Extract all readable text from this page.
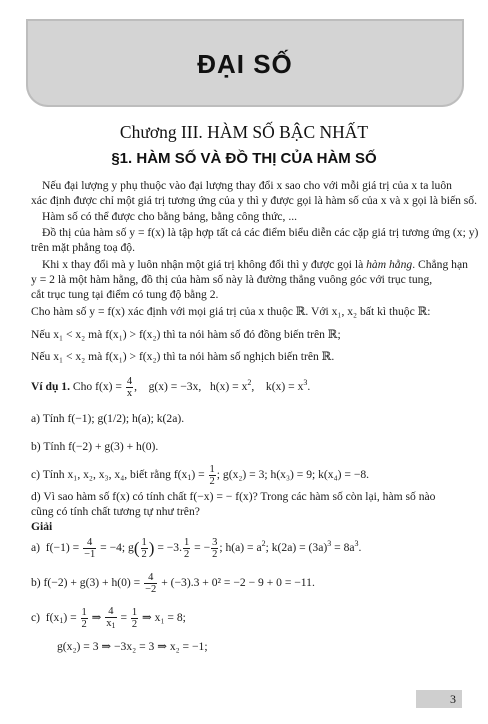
ĐẠI SỐ
Chương III. HÀM SỐ BẬC NHẤT
§1. HÀM SỐ VÀ ĐỒ THỊ CỦA HÀM SỐ
Nếu đại lượng y phụ thuộc vào đại lượng thay đổi x sao cho với mỗi giá trị của x ta luôn
xác định được chỉ một giá trị tương ứng của y thì y được gọi là hàm số của x và x gọi là biến số.
Hàm số có thể được cho bằng bảng, bằng công thức, ...
Đồ thị của hàm số y = f(x) là tập hợp tất cả các điểm biểu diễn các cặp giá trị tương ứng (x; y)
trên mặt phẳng toạ độ.
Khi x thay đổi mà y luôn nhận một giá trị không đổi thì y được gọi là hàm hằng. Chẳng hạn
y = 2 là một hàm hằng, đồ thị của hàm số này là đường thẳng vuông góc với trục tung,
cắt trục tung tại điểm có tung độ bằng 2.
Cho hàm số y = f(x) xác định với mọi giá trị của x thuộc ℝ. Với x₁, x₂ bất kì thuộc ℝ:
Nếu x₁ < x₂ mà f(x₁) > f(x₂) thì ta nói hàm số đó đồng biến trên ℝ;
Nếu x₁ < x₂ mà f(x₁) > f(x₂) thì ta nói hàm số nghịch biến trên ℝ.
Ví dụ 1. Cho $f(x) = \frac{4}{x}$ ,    g(x) = −3x,   $h(x) = x^2$,    $k(x) = x^3$.
a) Tính f(−1); g(1/2); h(a); k(2a).
b) Tính f(−2) + g(3) + h(0).
c) Tính x₁, x₂, x₃, x₄, biết rằng $f(x_1) = \frac{1}{2}$ ; g(x₂) = 3; h(x₃) = 9; k(x₄) = −8.
d) Vì sao hàm số f(x) có tính chất f(−x) = − f(x)? Trong các hàm số còn lại, hàm số nào
cũng có tính chất tương tự như trên?
Giải
a)  $f(-1) = \frac{4}{-1} = -4$; $g( \frac{1}{2}$ ) = −3. $\frac{1}{2}$ = − $\frac{3}{2}$ ; $h(a) = a^2$; $k(2a) = (3a)^3 = 8a^3$.
b) $f(-2) + g(3) + h(0) = \frac{4}{-2} + (-3).3 + 0^2 = -2 - 9 + 0 = -11$.
c)  $f(x_1) = \frac{1}{2}$ ⇒ $\frac{4}{x_1} = \frac{1}{2}$ ⇒ x₁ = 8;
g(x₂) = 3 ⇒ −3x₂ = 3 ⇒ x₂ = −1;
3
